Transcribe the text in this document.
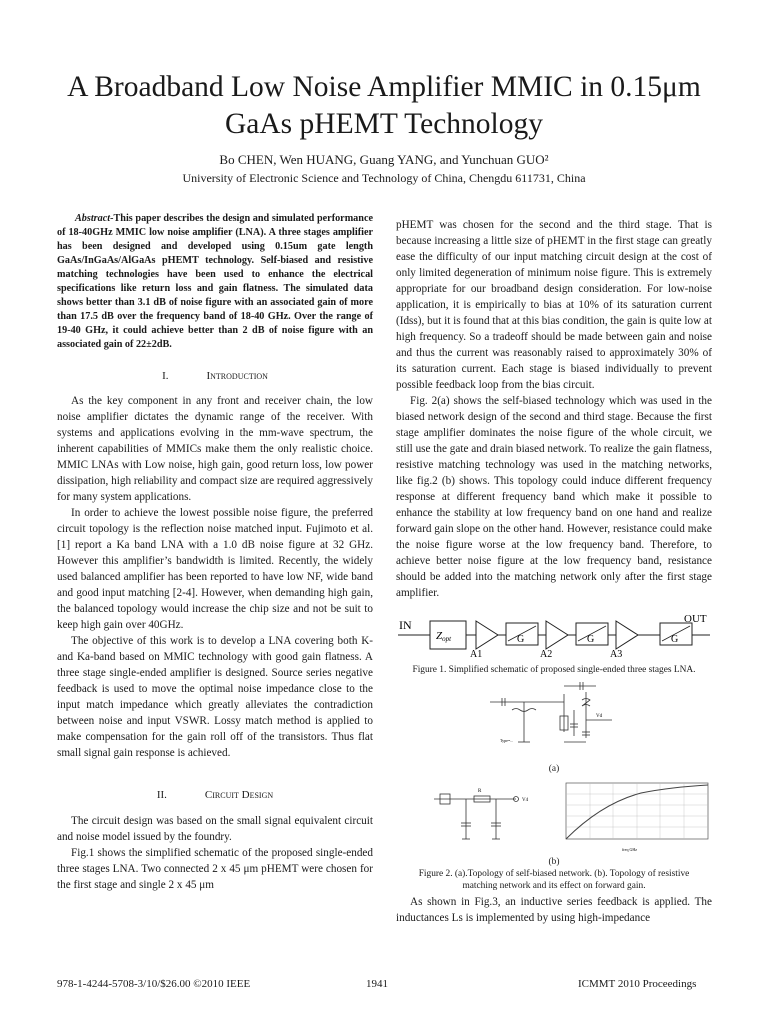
A Broadband Low Noise Amplifier MMIC in 0.15μm
GaAs pHEMT Technology
Bo CHEN, Wen HUANG, Guang YANG, and Yunchuan GUO²
University of Electronic Science and Technology of China, Chengdu 611731, China

Abstract-This paper describes the design and simulated performance of 18-40GHz MMIC low noise amplifier (LNA). A three stages amplifier has been designed and developed using 0.15um gate length GaAs/InGaAs/AlGaAs pHEMT technology. Self-biased and resistive matching technologies have been used to enhance the electrical specifications like return loss and gain flatness. The simulated data shows better than 3.1 dB of noise figure with an associated gain of more than 17.5 dB over the frequency band of 18-40 GHz. Over the range of 19-40 GHz, it could achieve better than 2 dB of noise figure with an associated gain of 22±2dB.

I.	Introduction

As the key component in any front and receiver chain, the low noise amplifier dictates the dynamic range of the receiver. With systems and applications evolving in the mm-wave spectrum, the inherent capabilities of MMICs make them the only realistic choice. MMIC LNAs with Low noise, high gain, good return loss, low power dissipation, high reliability and compact size are required aggressively for many system applications.

In order to achieve the lowest possible noise figure, the preferred circuit topology is the reflection noise matched input. Fujimoto et al. [1] report a Ka band LNA with a 1.0 dB noise figure at 32 GHz. However this amplifier’s bandwidth is limited. Recently, the widely used balanced amplifier has been reported to have low NF, wide band and good input matching [2-4]. However, when demanding high gain, the balanced topology would increase the chip size and not be suit to keep high gain over 40GHz.

The objective of this work is to develop a LNA covering both K- and Ka-band based on MMIC technology with good gain flatness. A three stage single-ended amplifier is designed. Source series negative feedback is used to move the optimal noise impedance close to the input match impedance which greatly alleviates the contradiction between noise and input VSWR. Lossy match method is applied to make compensation for the gain roll off of the transistors. Thus flat small signal gain response is achieved.

II.	Circuit Design

The circuit design was based on the small signal equivalent circuit and noise model issued by the foundry.

Fig.1 shows the simplified schematic of the proposed single-ended three stages LNA. Two connected 2 x 45 μm pHEMT were chosen for the first stage and single 2 x 45 μm

pHEMT was chosen for the second and the third stage. That is because increasing a little size of pHEMT in the first stage can greatly ease the difficulty of our input matching circuit design at the cost of only limited degeneration of minimum noise figure. This is extremely appropriate for our broadband design consideration. For low-noise application, it is empirically to bias at 10% of its saturation current (Idss), but it is found that at this bias condition, the gain is quite low at high frequency. So a tradeoff should be made between gain and noise and thus the current was reasonably raised to approximately 30% of its saturation current. Each stage is biased individually to prevent possible feedback loop from the bias circuit.

Fig. 2(a) shows the self-biased technology which was used in the biased network design of the second and third stage. Because the first stage amplifier dominates the noise figure of the whole circuit, we still use the gate and drain biased network. To realize the gain flatness, resistive matching technology was used in the matching networks, like fig.2 (b) shows. This topology could induce different frequency response at different frequency band which make it possible to enhance the stability at low frequency band on one hand and realize forward gain slope on the other hand. However, resistance could make the noise figure worse at the low frequency band. Therefore, to achieve better noise figure at the low frequency band, resistance should be added into the matching network only after the first stage amplifier.

IN
Zopt
A1
G
A2
G
A3
G
OUT
Figure 1. Simplified schematic of proposed single-ended three stages LNA.
Vd
Type=...
(a)
R
V4
freq GHz
(b)
Figure 2. (a).Topology of self-biased network. (b). Topology of resistive
matching network and its effect on forward gain.

As shown in Fig.3, an inductive series feedback is applied. The inductances Ls is implemented by using high-impedance

978-1-4244-5708-3/10/$26.00 ©2010 IEEE	1941	ICMMT 2010 Proceedings
